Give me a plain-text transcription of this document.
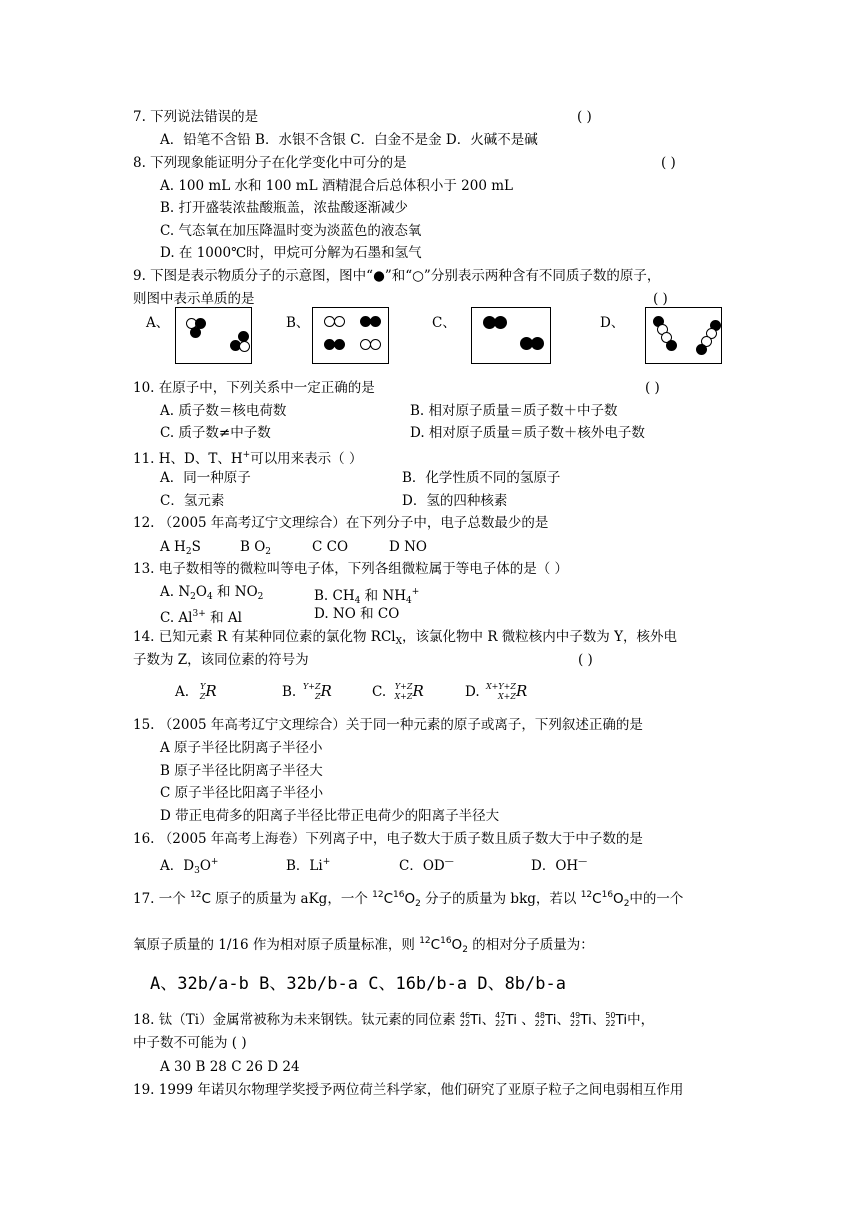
7. 下列说法错误的是	( )
A．铅笔不含铅 B．水银不含银 C．白金不是金 D．火碱不是碱
8. 下列现象能证明分子在化学变化中可分的是	( )
A. 100 mL 水和 100 mL 酒精混合后总体积小于 200 mL
B. 打开盛装浓盐酸瓶盖，浓盐酸逐渐减少
C. 气态氧在加压降温时变为淡蓝色的液态氧
D. 在 1000℃时，甲烷可分解为石墨和氢气
9. 下图是表示物质分子的示意图，图中“●”和“○”分别表示两种含有不同质子数的原子，
则图中表示单质的是	( )
A、	B、	C、	D、
10. 在原子中，下列关系中一定正确的是	( )
A. 质子数＝核电荷数	B. 相对原子质量＝质子数＋中子数
C. 质子数≠中子数	D. 相对原子质量＝质子数＋核外电子数
11. H、D、T、H+可以用来表示（ ）
A．同一种原子	B．化学性质不同的氢原子
C．氢元素	D．氢的四种核素
12. （2005 年高考辽宁文理综合）在下列分子中，电子总数最少的是
A $H_2S$	B $O_2$	C CO	D NO
13. 电子数相等的微粒叫等电子体，下列各组微粒属于等电子体的是（ ）
A. $N_2O_4$ 和 $NO_2$	B. $CH_4$ 和 $NH_4^+$
C. $Al^{3+}$ 和 Al	D. NO 和 CO
14. 已知元素 R 有某种同位素的氯化物 RCl$_X$，该氯化物中 R 微粒核内中子数为 Y，核外电
子数为 Z，该同位素的符号为	( )
A. Y
Z R	B. Y+Z
Z R	C. Y+Z
X+Z R	D. X+Y+Z
X+Z R
15. （2005 年高考辽宁文理综合）关于同一种元素的原子或离子，下列叙述正确的是
A 原子半径比阴离子半径小
B 原子半径比阴离子半径大
C 原子半径比阳离子半径小
D 带正电荷多的阳离子半径比带正电荷少的阳离子半径大
16. （2005 年高考上海卷）下列离子中，电子数大于质子数且质子数大于中子数的是
A．$D_3O^+$	B．Li+	C．OD—	D．OH—
17. 一个 $^{12}$C 原子的质量为 aKg，一个 $^{12}C^{16}O_2$ 分子的质量为 bkg，若以 $^{12}C^{16}O_2$中的一个
氧原子质量的 1/16 作为相对原子质量标准，则 $^{12}C^{16}O_2$ 的相对分子质量为：
A、32b/a-b B、32b/b-a C、16b/b-a D、8b/b-a
18. 钛（Ti）金属常被称为未来钢铁。钛元素的同位素 46
22Ti、47
22Ti 、48
22Ti、49
22Ti、50
22Ti中，
中子数不可能为 ( )
A 30 B 28 C 26 D 24
19. 1999 年诺贝尔物理学奖授予两位荷兰科学家，他们研究了亚原子粒子之间电弱相互作用
